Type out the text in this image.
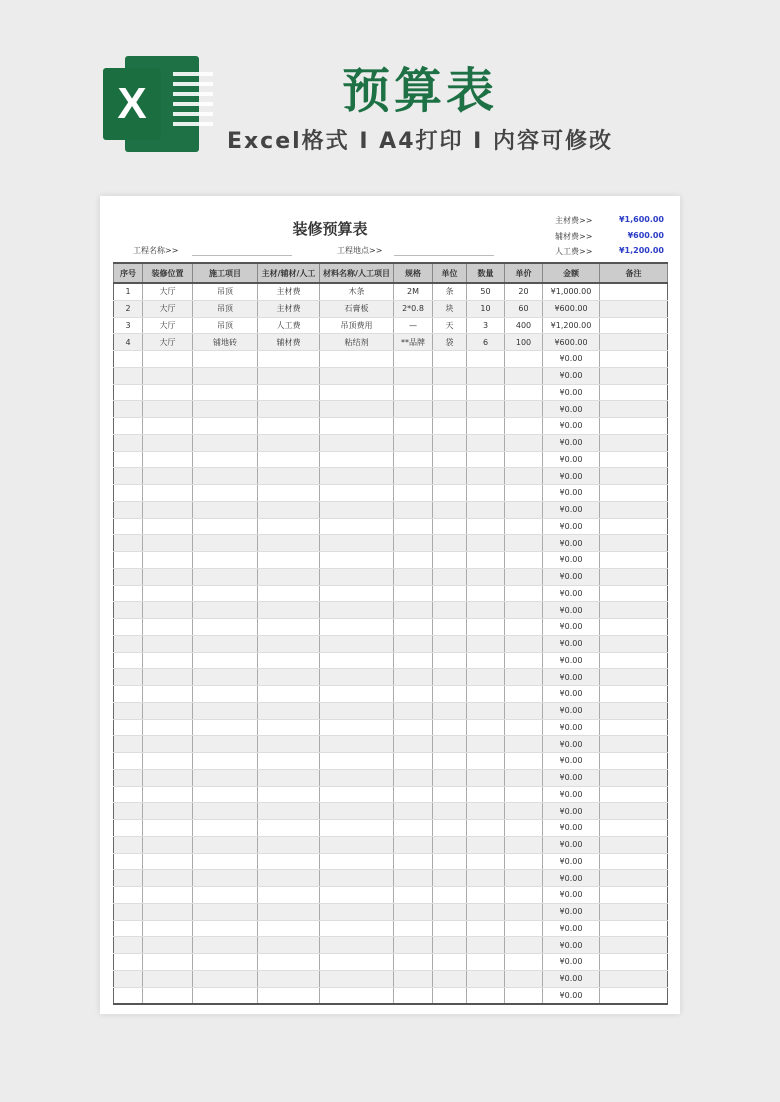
X	预算表
Excel格式 I A4打印 I 内容可修改
装修预算表
工程名称>>	工程地点>>
主材费>>	¥1,600.00
辅材费>>	¥600.00
人工费>>	¥1,200.00
序号	装修位置	施工项目	主材/辅材/人工	材料名称/人工项目	规格	单位	数量	单价	金额	备注
1	大厅	吊顶	主材费	木条	2M	条	50	20	¥1,000.00	
2	大厅	吊顶	主材费	石膏板	2*0.8	块	10	60	¥600.00	
3	大厅	吊顶	人工费	吊顶费用	—	天	3	400	¥1,200.00	
4	大厅	铺地砖	辅材费	粘结剂	**品牌	袋	6	100	¥600.00	
									¥0.00	
									¥0.00	
									¥0.00	
									¥0.00	
									¥0.00	
									¥0.00	
									¥0.00	
									¥0.00	
									¥0.00	
									¥0.00	
									¥0.00	
									¥0.00	
									¥0.00	
									¥0.00	
									¥0.00	
									¥0.00	
									¥0.00	
									¥0.00	
									¥0.00	
									¥0.00	
									¥0.00	
									¥0.00	
									¥0.00	
									¥0.00	
									¥0.00	
									¥0.00	
									¥0.00	
									¥0.00	
									¥0.00	
									¥0.00	
									¥0.00	
									¥0.00	
									¥0.00	
									¥0.00	
									¥0.00	
									¥0.00	
									¥0.00	
									¥0.00	
									¥0.00	
